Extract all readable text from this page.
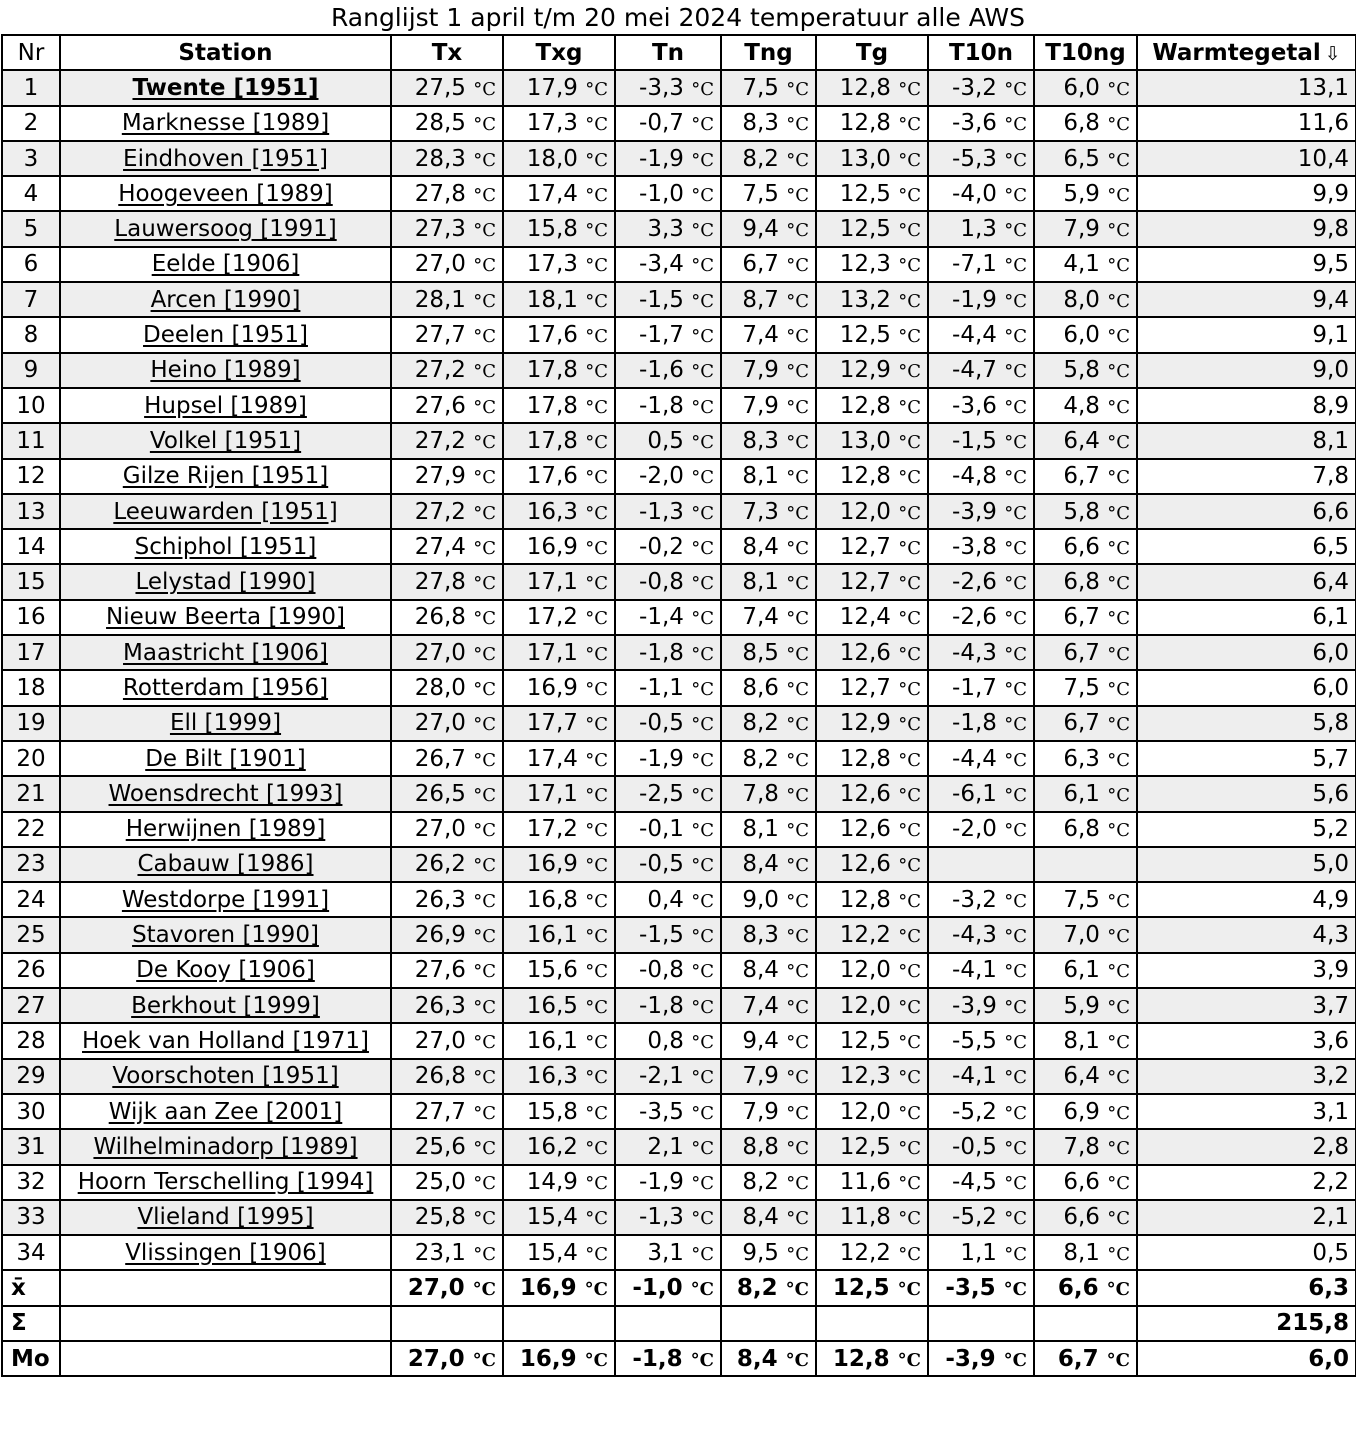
Ranglijst 1 april t/m 20 mei 2024 temperatuur alle AWS
Nr	Station	Tx	Txg	Tn	Tng	Tg	T10n	T10ng	Warmtegetal ⇩
1	Twente [1951]	27,5 °C	17,9 °C	-3,3 °C	7,5 °C	12,8 °C	-3,2 °C	6,0 °C	13,1
2	Marknesse [1989]	28,5 °C	17,3 °C	-0,7 °C	8,3 °C	12,8 °C	-3,6 °C	6,8 °C	11,6
3	Eindhoven [1951]	28,3 °C	18,0 °C	-1,9 °C	8,2 °C	13,0 °C	-5,3 °C	6,5 °C	10,4
4	Hoogeveen [1989]	27,8 °C	17,4 °C	-1,0 °C	7,5 °C	12,5 °C	-4,0 °C	5,9 °C	9,9
5	Lauwersoog [1991]	27,3 °C	15,8 °C	3,3 °C	9,4 °C	12,5 °C	1,3 °C	7,9 °C	9,8
6	Eelde [1906]	27,0 °C	17,3 °C	-3,4 °C	6,7 °C	12,3 °C	-7,1 °C	4,1 °C	9,5
7	Arcen [1990]	28,1 °C	18,1 °C	-1,5 °C	8,7 °C	13,2 °C	-1,9 °C	8,0 °C	9,4
8	Deelen [1951]	27,7 °C	17,6 °C	-1,7 °C	7,4 °C	12,5 °C	-4,4 °C	6,0 °C	9,1
9	Heino [1989]	27,2 °C	17,8 °C	-1,6 °C	7,9 °C	12,9 °C	-4,7 °C	5,8 °C	9,0
10	Hupsel [1989]	27,6 °C	17,8 °C	-1,8 °C	7,9 °C	12,8 °C	-3,6 °C	4,8 °C	8,9
11	Volkel [1951]	27,2 °C	17,8 °C	0,5 °C	8,3 °C	13,0 °C	-1,5 °C	6,4 °C	8,1
12	Gilze Rijen [1951]	27,9 °C	17,6 °C	-2,0 °C	8,1 °C	12,8 °C	-4,8 °C	6,7 °C	7,8
13	Leeuwarden [1951]	27,2 °C	16,3 °C	-1,3 °C	7,3 °C	12,0 °C	-3,9 °C	5,8 °C	6,6
14	Schiphol [1951]	27,4 °C	16,9 °C	-0,2 °C	8,4 °C	12,7 °C	-3,8 °C	6,6 °C	6,5
15	Lelystad [1990]	27,8 °C	17,1 °C	-0,8 °C	8,1 °C	12,7 °C	-2,6 °C	6,8 °C	6,4
16	Nieuw Beerta [1990]	26,8 °C	17,2 °C	-1,4 °C	7,4 °C	12,4 °C	-2,6 °C	6,7 °C	6,1
17	Maastricht [1906]	27,0 °C	17,1 °C	-1,8 °C	8,5 °C	12,6 °C	-4,3 °C	6,7 °C	6,0
18	Rotterdam [1956]	28,0 °C	16,9 °C	-1,1 °C	8,6 °C	12,7 °C	-1,7 °C	7,5 °C	6,0
19	Ell [1999]	27,0 °C	17,7 °C	-0,5 °C	8,2 °C	12,9 °C	-1,8 °C	6,7 °C	5,8
20	De Bilt [1901]	26,7 °C	17,4 °C	-1,9 °C	8,2 °C	12,8 °C	-4,4 °C	6,3 °C	5,7
21	Woensdrecht [1993]	26,5 °C	17,1 °C	-2,5 °C	7,8 °C	12,6 °C	-6,1 °C	6,1 °C	5,6
22	Herwijnen [1989]	27,0 °C	17,2 °C	-0,1 °C	8,1 °C	12,6 °C	-2,0 °C	6,8 °C	5,2
23	Cabauw [1986]	26,2 °C	16,9 °C	-0,5 °C	8,4 °C	12,6 °C			5,0
24	Westdorpe [1991]	26,3 °C	16,8 °C	0,4 °C	9,0 °C	12,8 °C	-3,2 °C	7,5 °C	4,9
25	Stavoren [1990]	26,9 °C	16,1 °C	-1,5 °C	8,3 °C	12,2 °C	-4,3 °C	7,0 °C	4,3
26	De Kooy [1906]	27,6 °C	15,6 °C	-0,8 °C	8,4 °C	12,0 °C	-4,1 °C	6,1 °C	3,9
27	Berkhout [1999]	26,3 °C	16,5 °C	-1,8 °C	7,4 °C	12,0 °C	-3,9 °C	5,9 °C	3,7
28	Hoek van Holland [1971]	27,0 °C	16,1 °C	0,8 °C	9,4 °C	12,5 °C	-5,5 °C	8,1 °C	3,6
29	Voorschoten [1951]	26,8 °C	16,3 °C	-2,1 °C	7,9 °C	12,3 °C	-4,1 °C	6,4 °C	3,2
30	Wijk aan Zee [2001]	27,7 °C	15,8 °C	-3,5 °C	7,9 °C	12,0 °C	-5,2 °C	6,9 °C	3,1
31	Wilhelminadorp [1989]	25,6 °C	16,2 °C	2,1 °C	8,8 °C	12,5 °C	-0,5 °C	7,8 °C	2,8
32	Hoorn Terschelling [1994]	25,0 °C	14,9 °C	-1,9 °C	8,2 °C	11,6 °C	-4,5 °C	6,6 °C	2,2
33	Vlieland [1995]	25,8 °C	15,4 °C	-1,3 °C	8,4 °C	11,8 °C	-5,2 °C	6,6 °C	2,1
34	Vlissingen [1906]	23,1 °C	15,4 °C	3,1 °C	9,5 °C	12,2 °C	1,1 °C	8,1 °C	0,5
x̄		27,0 °C	16,9 °C	-1,0 °C	8,2 °C	12,5 °C	-3,5 °C	6,6 °C	6,3
Σ									215,8
Mo		27,0 °C	16,9 °C	-1,8 °C	8,4 °C	12,8 °C	-3,9 °C	6,7 °C	6,0
